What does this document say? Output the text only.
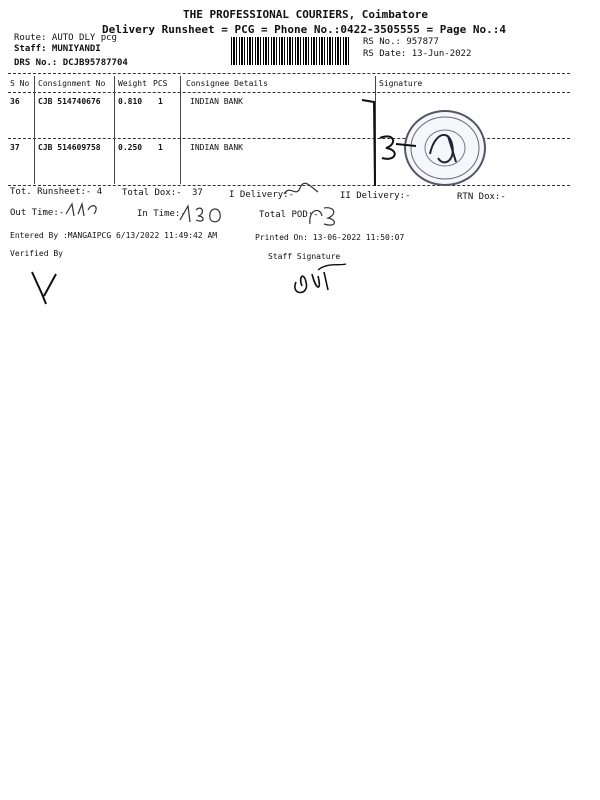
THE PROFESSIONAL COURIERS, Coimbatore
Delivery Runsheet = PCG = Phone No.:0422-3505555 = Page No.:4
Route: AUTO DLY pcg
Staff: MUNIYANDI
DRS No.: DCJB95787704
RS No.: 957877
RS Date: 13-Jun-2022
S No Consignment No Weight PCS Consignee Details	Signature
36 CJB 514740676 0.810 1	INDIAN BANK
37 CJB 514609758 0.250 1	INDIAN BANK
Tot. Runsheet:- 4 Total Dox:- 37	I Delivery:-	II Delivery:-	RTN Dox:-
Out Time:-	In Time:-	Total POD:-
Entered By :MANGAIPCG 6/13/2022 11:49:42 AM	Printed On: 13-06-2022 11:50:07
Verified By	Staff Signature
